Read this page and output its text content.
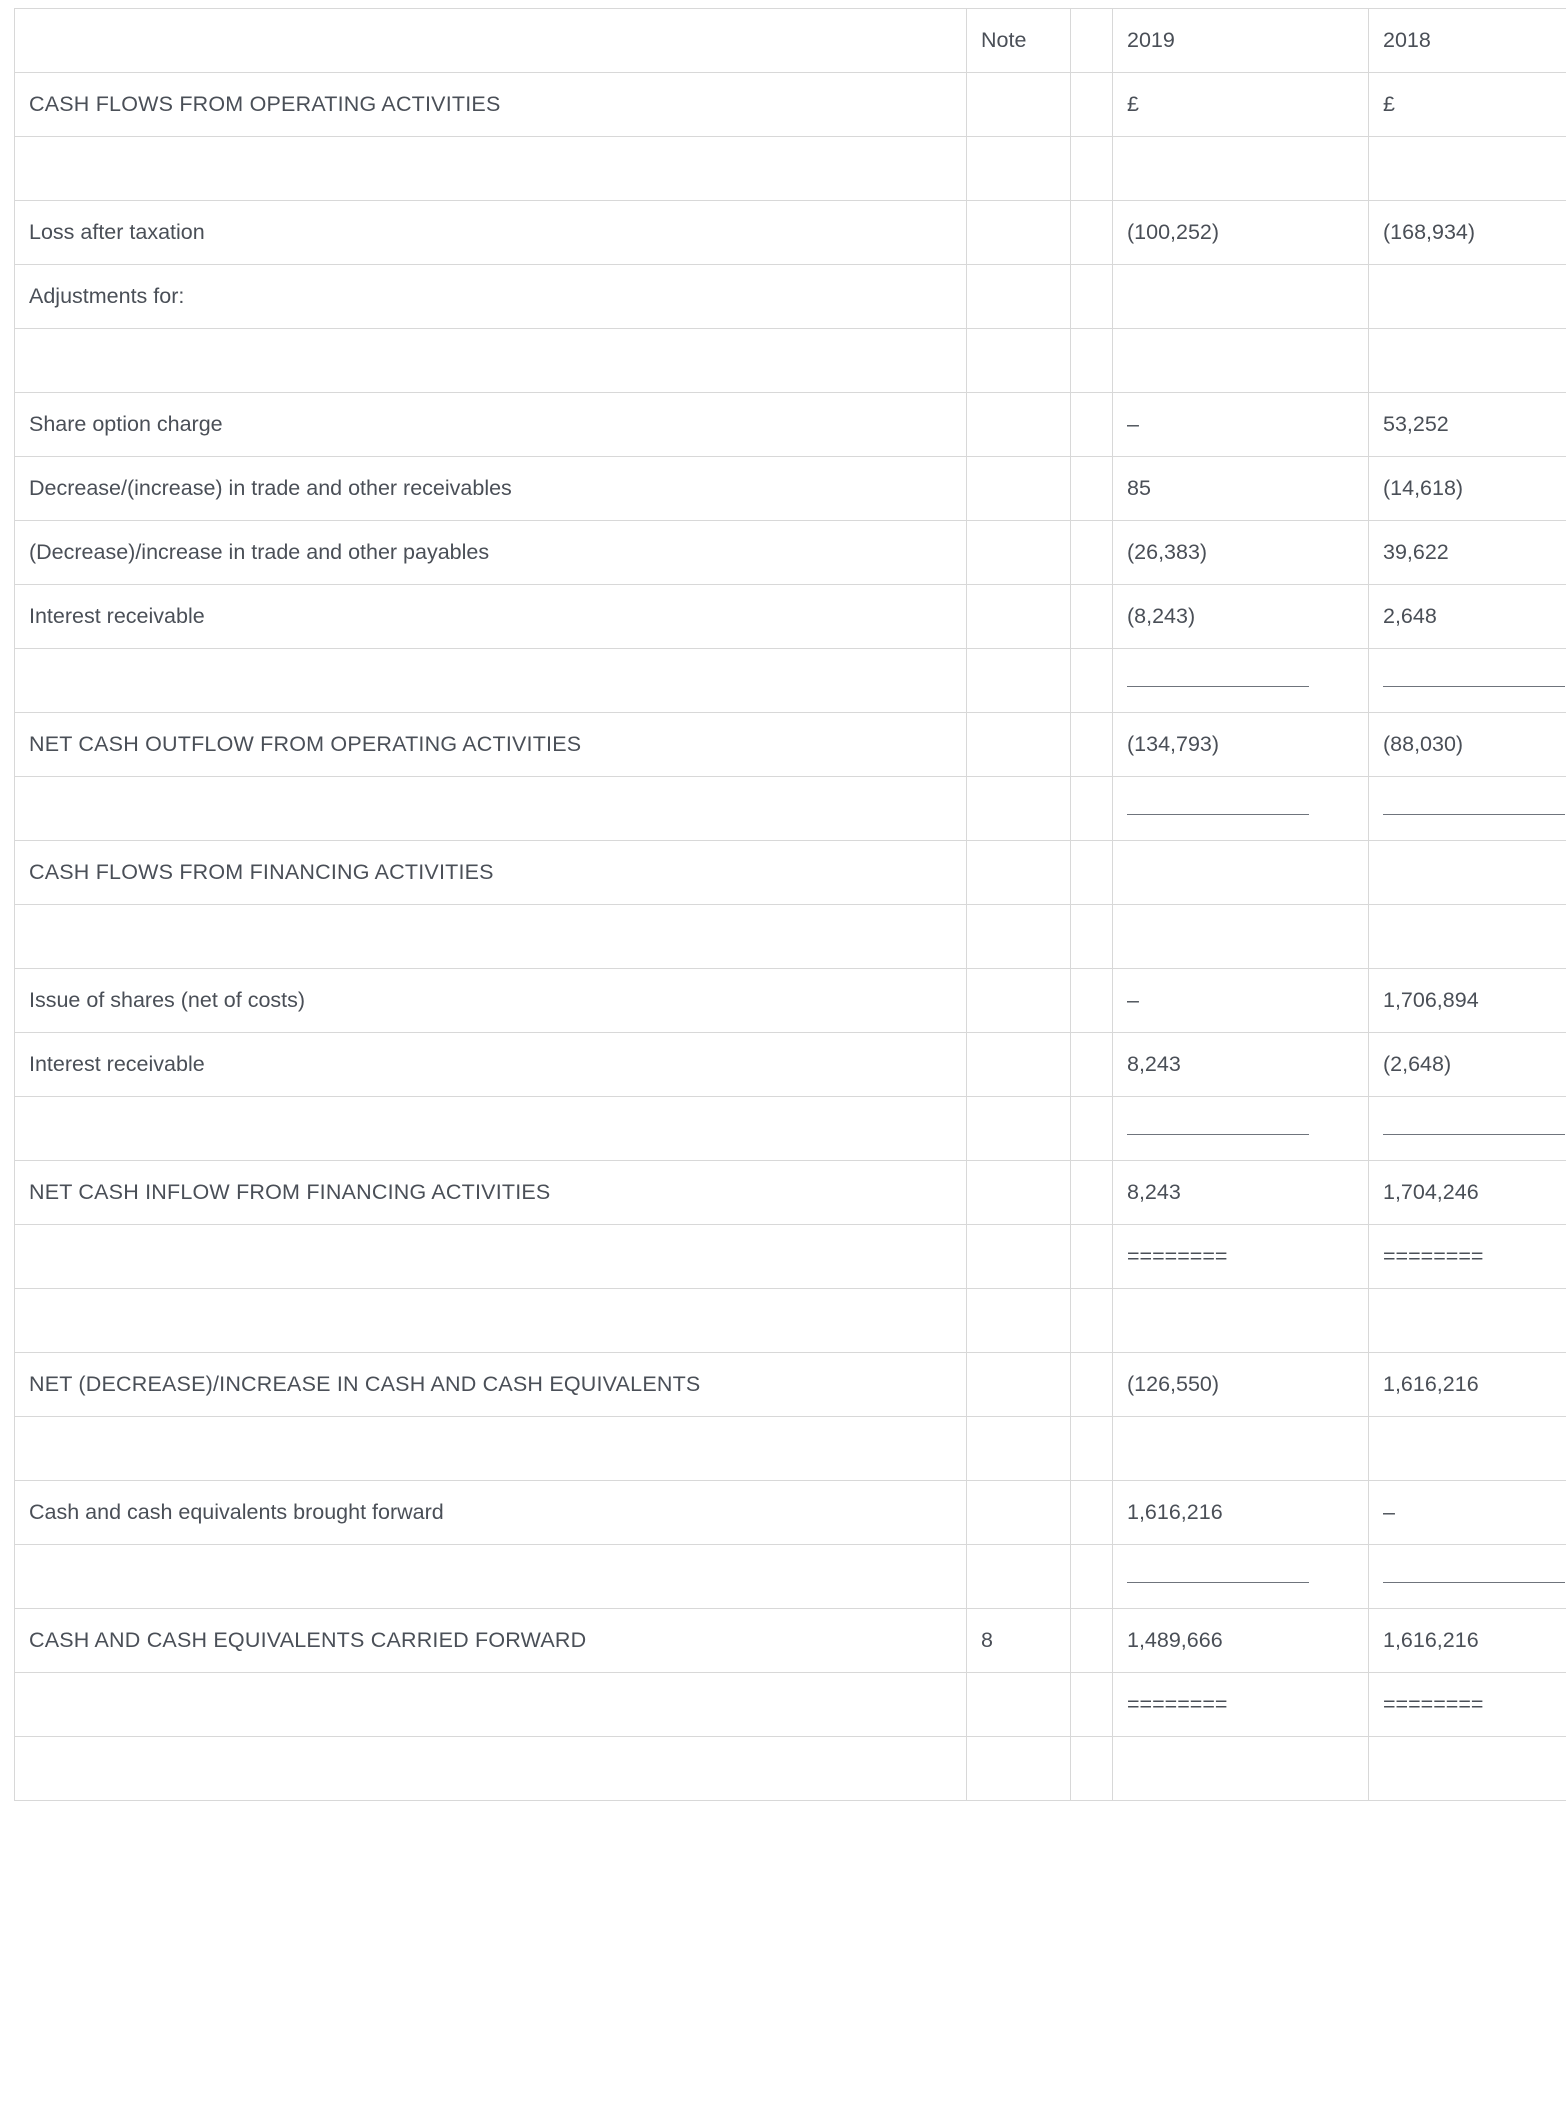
	Note		2019	2018
CASH FLOWS FROM OPERATING ACTIVITIES			£	£

Loss after taxation			(100,252)	(168,934)
Adjustments for:				

Share option charge			–	53,252
Decrease/(increase) in trade and other receivables			85	(14,618)
(Decrease)/increase in trade and other payables			(26,383)	39,622
Interest receivable			(8,243)	2,648

NET CASH OUTFLOW FROM OPERATING ACTIVITIES			(134,793)	(88,030)

CASH FLOWS FROM FINANCING ACTIVITIES				

Issue of shares (net of costs)			–	1,706,894
Interest receivable			8,243	(2,648)

NET CASH INFLOW FROM FINANCING ACTIVITIES			8,243	1,704,246
			========	========

NET (DECREASE)/INCREASE IN CASH AND CASH EQUIVALENTS			(126,550)	1,616,216

Cash and cash equivalents brought forward			1,616,216	–

CASH AND CASH EQUIVALENTS CARRIED FORWARD	8		1,489,666	1,616,216
			========	========
